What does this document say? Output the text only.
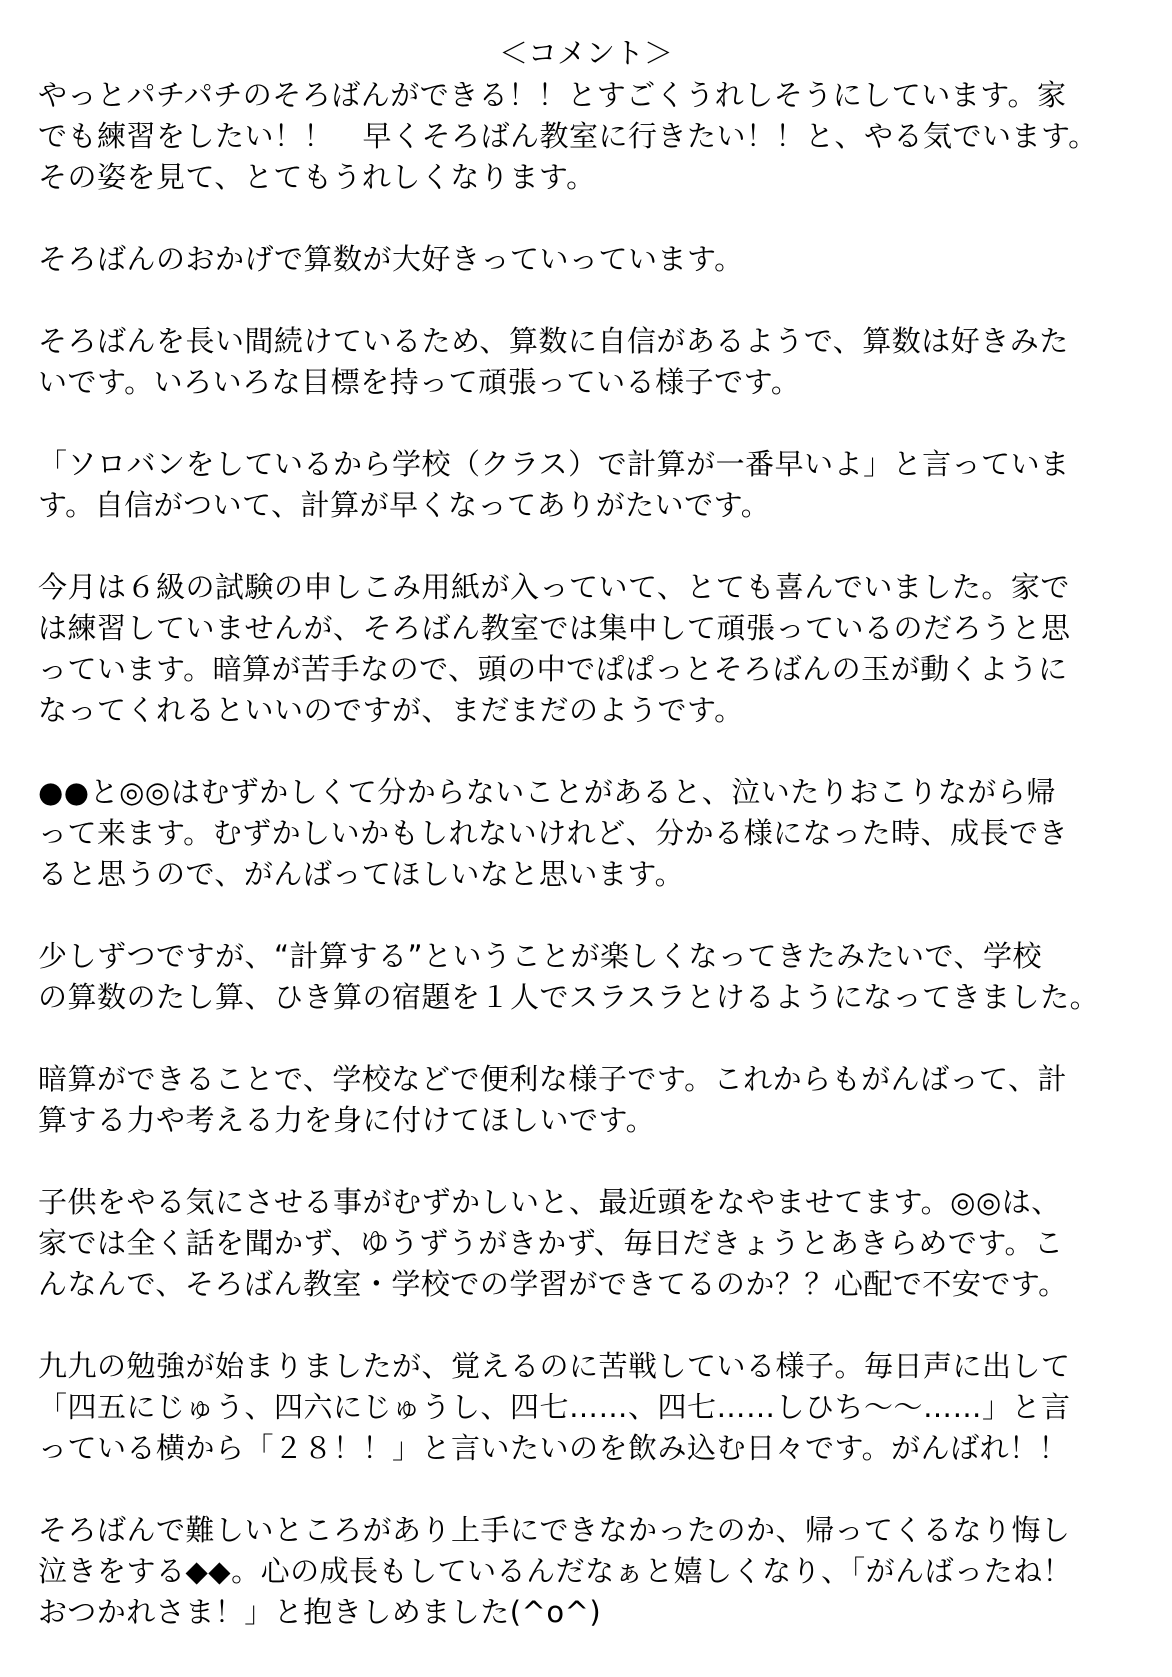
＜コメント＞
やっとパチパチのそろばんができる！！とすごくうれしそうにしています。家
でも練習をしたい！！　早くそろばん教室に行きたい！！と、やる気でいます。
その姿を見て、とてもうれしくなります。
そろばんのおかげで算数が大好きっていっています。
そろばんを長い間続けているため、算数に自信があるようで、算数は好きみた
いです。いろいろな目標を持って頑張っている様子です。
「ソロバンをしているから学校（クラス）で計算が一番早いよ」と言っていま
す。自信がついて、計算が早くなってありがたいです。
今月は６級の試験の申しこみ用紙が入っていて、とても喜んでいました。家で
は練習していませんが、そろばん教室では集中して頑張っているのだろうと思
っています。暗算が苦手なので、頭の中でぱぱっとそろばんの玉が動くように
なってくれるといいのですが、まだまだのようです。
●●と◎◎はむずかしくて分からないことがあると、泣いたりおこりながら帰
って来ます。むずかしいかもしれないけれど、分かる様になった時、成長でき
ると思うので、がんばってほしいなと思います。
少しずつですが、“計算する”ということが楽しくなってきたみたいで、学校
の算数のたし算、ひき算の宿題を１人でスラスラとけるようになってきました。
暗算ができることで、学校などで便利な様子です。これからもがんばって、計
算する力や考える力を身に付けてほしいです。
子供をやる気にさせる事がむずかしいと、最近頭をなやませてます。◎◎は、
家では全く話を聞かず、ゆうずうがきかず、毎日だきょうとあきらめです。こ
んなんで、そろばん教室・学校での学習ができてるのか？？心配で不安です。
九九の勉強が始まりましたが、覚えるのに苦戦している様子。毎日声に出して
「四五にじゅう、四六にじゅうし、四七……、四七……しひち～～……」と言
っている横から「２８！！」と言いたいのを飲み込む日々です。がんばれ！！
そろばんで難しいところがあり上手にできなかったのか、帰ってくるなり悔し
泣きをする◆◆。心の成長もしているんだなぁと嬉しくなり、「がんばったね！
おつかれさま！」と抱きしめました(^o^)
